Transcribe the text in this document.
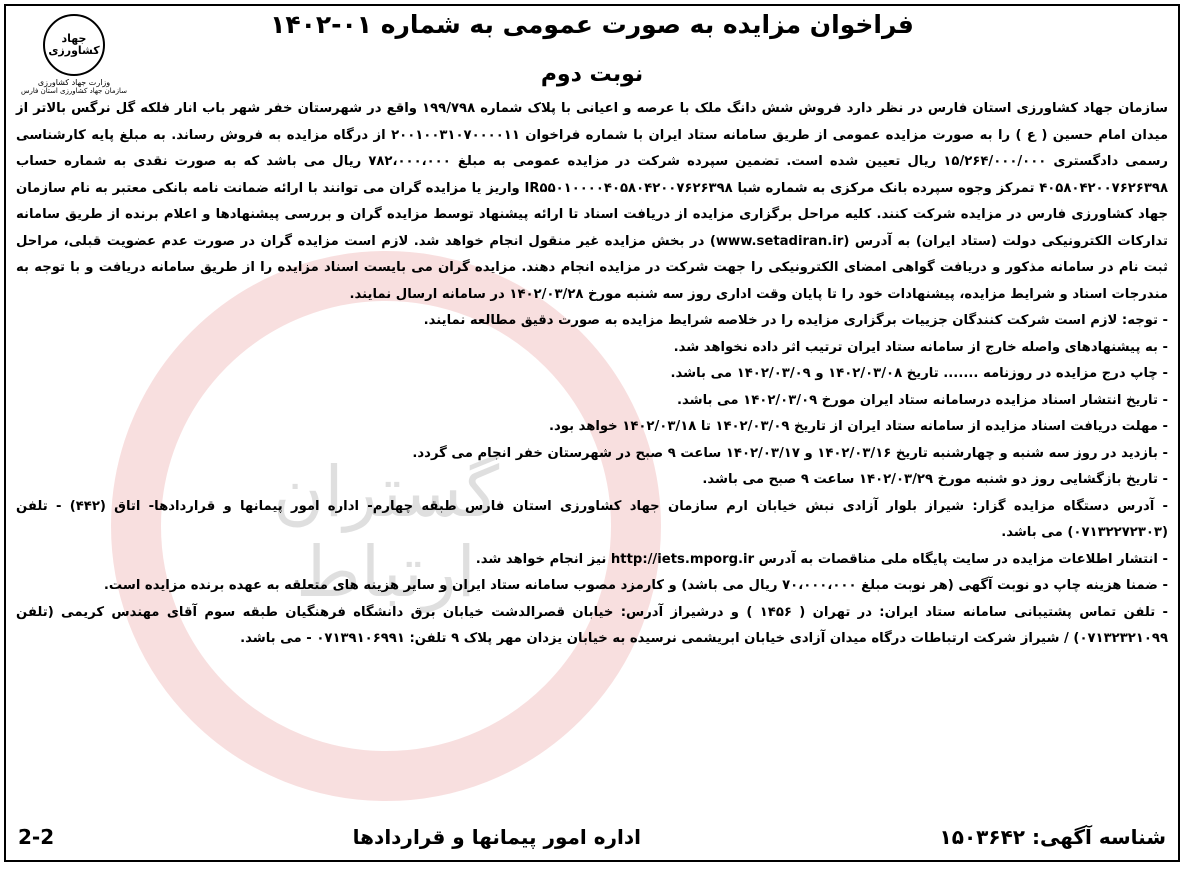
گستران
ارتباط
جهاد
کشاورزی
وزارت جهاد کشاورزی
سازمان جهاد کشاورزی استان فارس
فراخوان مزایده به صورت عمومی به شماره ۰۱-۱۴۰۲
نوبت دوم

سازمان جهاد کشاورزی استان فارس در نظر دارد فروش شش دانگ ملک با عرصه و اعیانی با پلاک شماره ۱۹۹/۷۹۸ واقع در شهرستان خفر شهر باب انار فلکه گل نرگس بالاتر از میدان امام حسین ( ع ) را به صورت مزایده عمومی از طریق سامانه ستاد ایران با شماره فراخوان ۲۰۰۱۰۰۳۱۰۷۰۰۰۰۱۱ از درگاه مزایده به فروش رساند. به مبلغ پایه کارشناسی رسمی دادگستری ۱۵/۲۶۴/۰۰۰/۰۰۰ ریال تعیین شده است. تضمین سپرده شرکت در مزایده عمومی به مبلغ ۷۸۲،۰۰۰،۰۰۰ ریال می باشد که به صورت نقدی به شماره حساب ۴۰۵۸۰۴۲۰۰۷۶۲۶۳۹۸ تمرکز وجوه سپرده بانک مرکزی به شماره شبا IR۵۵۰۱۰۰۰۰۴۰۵۸۰۴۲۰۰۷۶۲۶۳۹۸ واریز یا مزایده گران می توانند با ارائه ضمانت نامه بانکی معتبر به نام سازمان جهاد کشاورزی فارس در مزایده شرکت کنند. کلیه مراحل برگزاری مزایده از دریافت اسناد تا ارائه پیشنهاد توسط مزایده گران و بررسی پیشنهادها و اعلام برنده از طریق سامانه تدارکات الکترونیکی دولت (ستاد ایران) به آدرس (www.setadiran.ir) در بخش مزایده غیر منقول انجام خواهد شد. لازم است مزایده گران در صورت عدم عضویت قبلی، مراحل ثبت نام در سامانه مذکور و دریافت گواهی امضای الکترونیکی را جهت شرکت در مزایده انجام دهند. مزایده گران می بایست اسناد مزایده را از طریق سامانه دریافت و با توجه به مندرجات اسناد و شرایط مزایده، پیشنهادات خود را تا پایان وقت اداری روز سه شنبه مورخ ۱۴۰۲/۰۳/۲۸ در سامانه ارسال نمایند.

- توجه: لازم است شرکت کنندگان جزییات برگزاری مزایده را در خلاصه شرایط مزایده به صورت دقیق مطالعه نمایند.
- به پیشنهادهای واصله خارج از سامانه ستاد ایران ترتیب اثر داده نخواهد شد.
- چاپ درج مزایده در روزنامه ....... تاریخ ۱۴۰۲/۰۳/۰۸ و ۱۴۰۲/۰۳/۰۹ می باشد.
- تاریخ انتشار اسناد مزایده درسامانه ستاد ایران مورخ ۱۴۰۲/۰۳/۰۹ می باشد.
- مهلت دریافت اسناد مزایده از سامانه ستاد ایران از تاریخ ۱۴۰۲/۰۳/۰۹ تا ۱۴۰۲/۰۳/۱۸ خواهد بود.
- بازدید در روز سه شنبه و چهارشنبه تاریخ ۱۴۰۲/۰۳/۱۶ و ۱۴۰۲/۰۳/۱۷ ساعت ۹ صبح در شهرستان خفر انجام می گردد.
- تاریخ بازگشایی روز دو شنبه مورخ ۱۴۰۲/۰۳/۲۹ ساعت ۹ صبح می باشد.
- آدرس دستگاه مزایده گزار: شیراز بلوار آزادی نبش خیابان ارم سازمان جهاد کشاورزی استان فارس طبقه چهارم- اداره امور پیمانها و قراردادها- اتاق (۴۴۲) - تلفن (۰۷۱۳۲۲۷۲۳۰۳) می باشد.
- انتشار اطلاعات مزایده در سایت پایگاه ملی مناقصات به آدرس http://iets.mporg.ir نیز انجام خواهد شد.
- ضمنا هزینه چاپ دو نوبت آگهی (هر نوبت مبلغ ۷۰،۰۰۰،۰۰۰ ریال می باشد) و کارمزد مصوب سامانه ستاد ایران و سایر هزینه های متعلقه به عهده برنده مزایده است.
- تلفن تماس پشتیبانی سامانه ستاد ایران: در تهران ( ۱۴۵۶ ) و درشیراز آدرس: خیابان قصرالدشت خیابان برق دانشگاه فرهنگیان طبقه سوم آقای مهندس کریمی (تلفن ۰۷۱۳۲۳۲۱۰۹۹) / شیراز شرکت ارتباطات درگاه میدان آزادی خیابان ابریشمی نرسیده به خیابان یزدان مهر پلاک ۹ تلفن: ۰۷۱۳۹۱۰۶۹۹۱ - می باشد.
شناسه آگهی: ۱۵۰۳۶۴۲
اداره امور پیمانها و قراردادها
2-2
